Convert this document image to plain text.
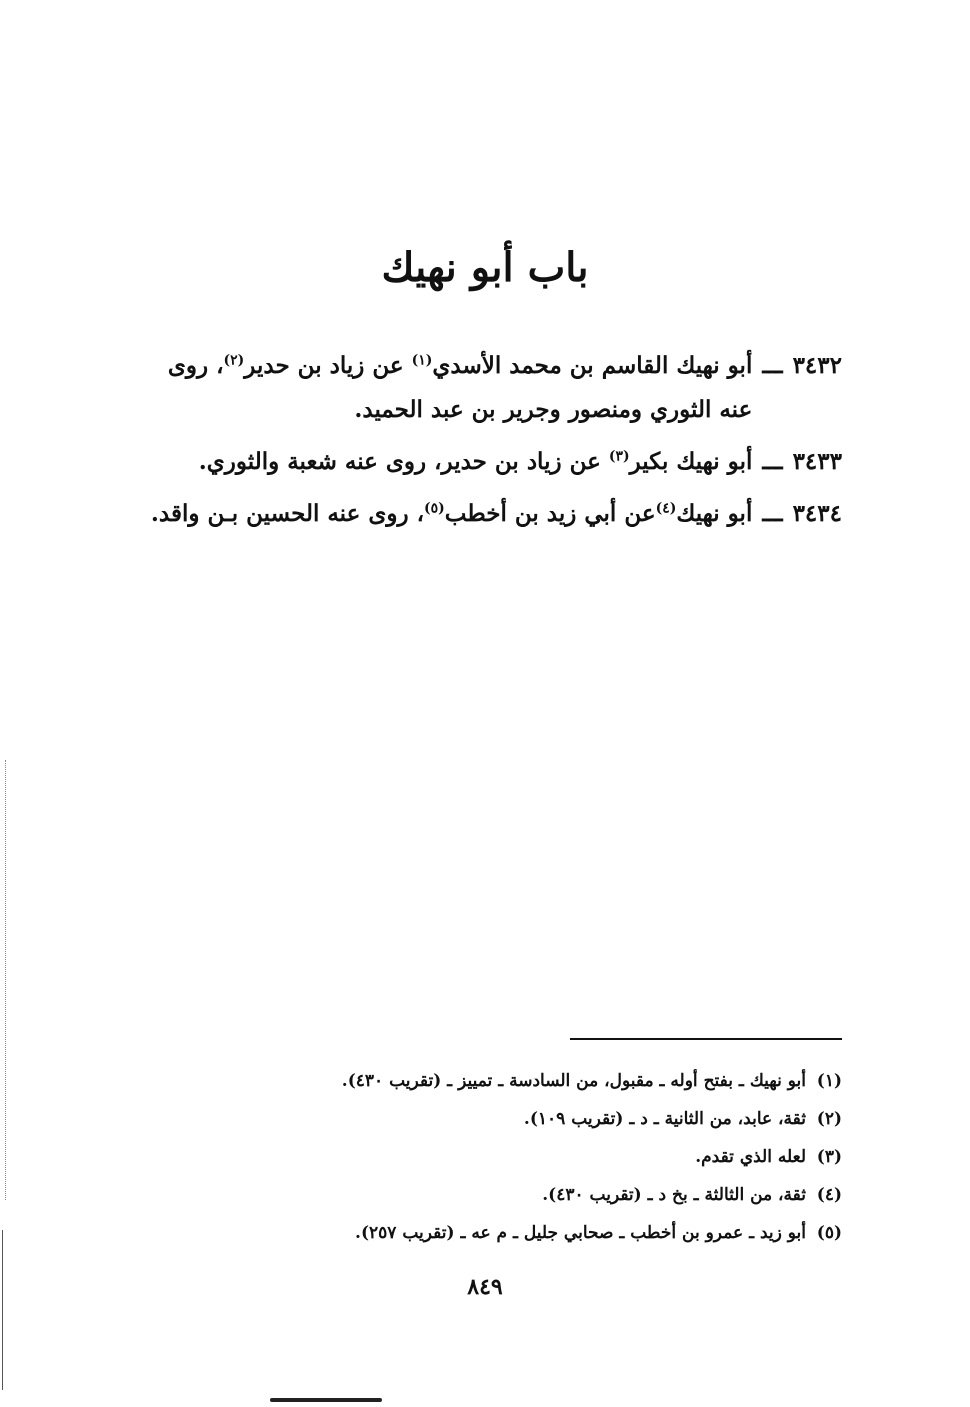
باب أبو نهيك
٣٤٣٢
ـــ
أبو نهيك القاسم بن محمد الأسدي$^{(١)}$ عن زياد بن حدير$^{(٢)}$، روى عنه الثوري ومنصور وجرير بن عبد الحميد.
٣٤٣٣
ـــ
أبو نهيك بكير$^{(٣)}$ عن زياد بن حدير، روى عنه شعبة والثوري.
٣٤٣٤
ـــ
أبو نهيك$^{(٤)}$عن أبي زيد بن أخطب$^{(٥)}$، روى عنه الحسين بـن واقد.
(١)
أبو نهيك ـ بفتح أوله ـ مقبول، من السادسة ـ تمييز ـ (تقريب ٤٣٠).
(٢)
ثقة، عابد، من الثانية ـ د ـ (تقريب ١٠٩).
(٣)
لعله الذي تقدم.
(٤)
ثقة، من الثالثة ـ بخ د ـ (تقريب ٤٣٠).
(٥)
أبو زيد ـ عمرو بن أخطب ـ صحابي جليل ـ م عه ـ (تقريب ٢٥٧).
٨٤٩
